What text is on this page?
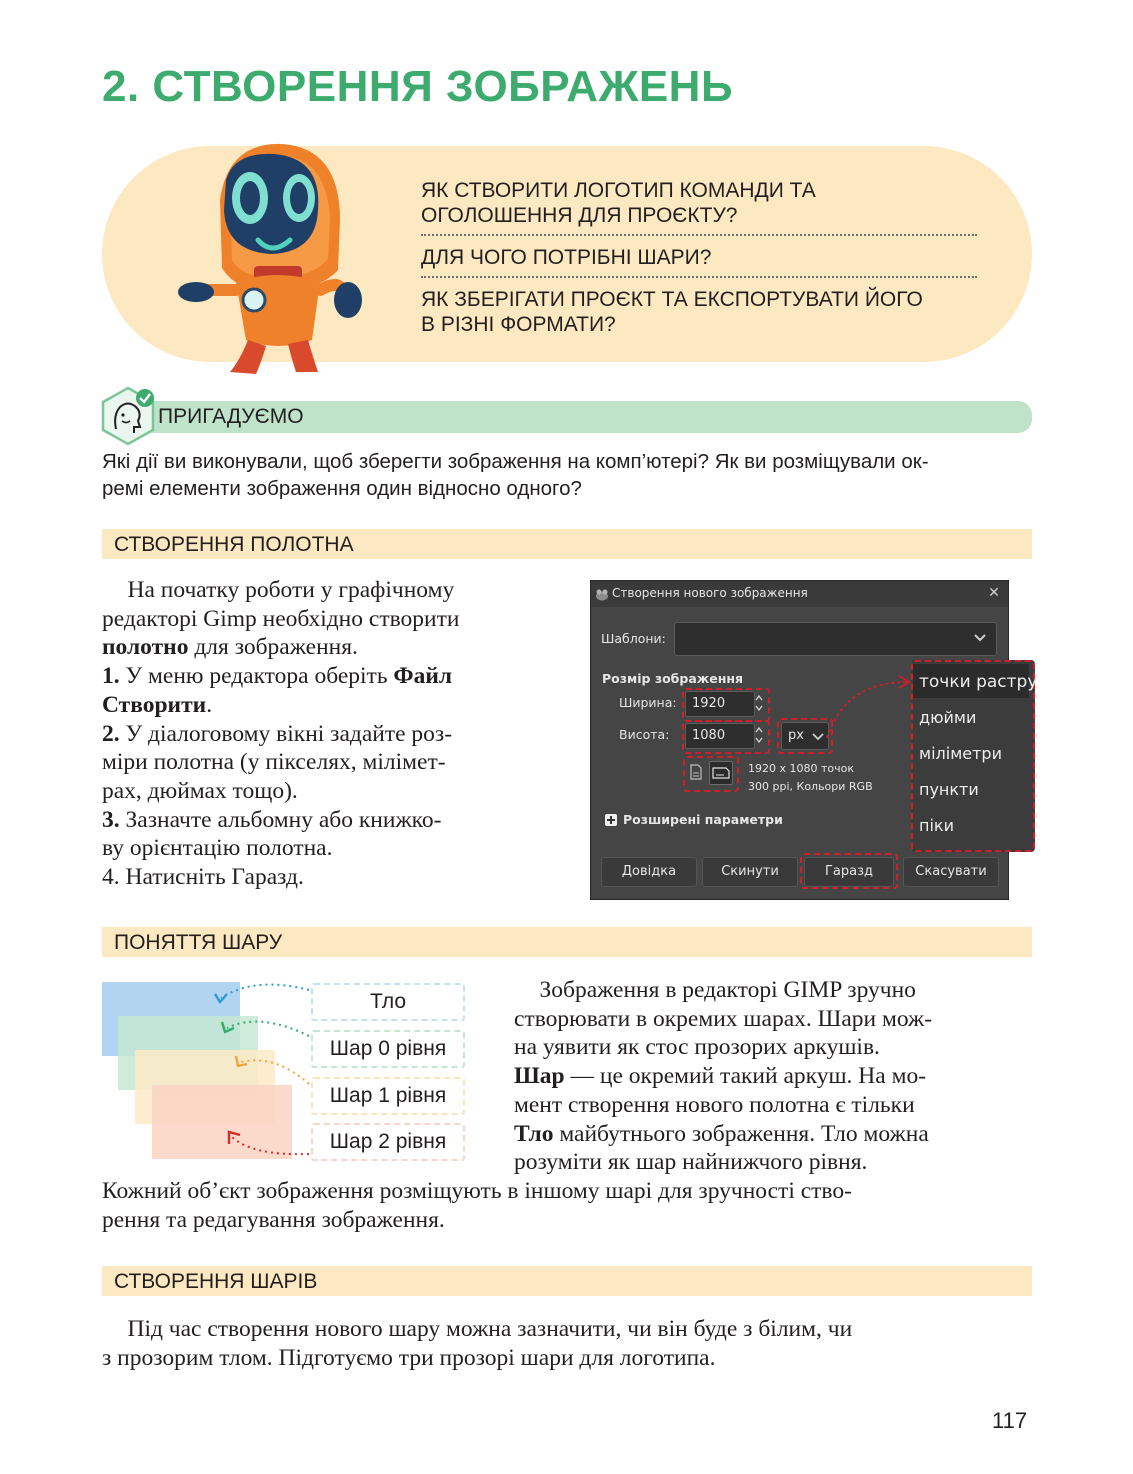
2. СТВОРЕННЯ ЗОБРАЖЕНЬ
ЯК СТВОРИТИ ЛОГОТИП КОМАНДИ ТА
ОГОЛОШЕННЯ ДЛЯ ПРОЄКТУ?
ДЛЯ ЧОГО ПОТРІБНІ ШАРИ?
ЯК ЗБЕРІГАТИ ПРОЄКТ ТА ЕКСПОРТУВАТИ ЙОГО
В РІЗНІ ФОРМАТИ?
ПРИГАДУЄМО
Які дії ви виконували, щоб зберегти зображення на комп’ютері? Як ви розміщували ок-
ремі елементи зображення один відносно одного?
СТВОРЕННЯ ПОЛОТНА

  На початку роботи у графічному

редакторі Gimp необхідно створити

полотно для зображення.

1. У меню редактора оберіть Файл

Створити.

2. У діалоговому вікні задайте роз-

міри полотна (у пікселях, мілімет-

рах, дюймах тощо).

3. Зазначте альбомну або книжко-

ву орієнтацію полотна.

4. Натисніть Гаразд.

Створення нового зображення	✕
Шаблони:
Розмір зображення
Ширина: 1920
Висота: 1080	px
1920 x 1080 точок
300 ppi, Кольори RGB
Розширені параметри
Довідка	Скинути	Гаразд	Скасувати
точки растру
дюйми
міліметри
пункти
піки
ПОНЯТТЯ ШАРУ
Тло
Шар 0 рівня
Шар 1 рівня
Шар 2 рівня

  Зображення в редакторі GIMP зручно

створювати в окремих шарах. Шари мож-

на уявити як стос прозорих аркушів.

Шар — це окремий такий аркуш. На мо-

мент створення нового полотна є тільки

Тло майбутнього зображення. Тло можна

розуміти як шар найнижчого рівня.

Кожний об’єкт зображення розміщують в іншому шарі для зручності ство-

рення та редагування зображення.

СТВОРЕННЯ ШАРІВ

  Під час створення нового шару можна зазначити, чи він буде з білим, чи

з прозорим тлом. Підготуємо три прозорі шари для логотипа.

117
